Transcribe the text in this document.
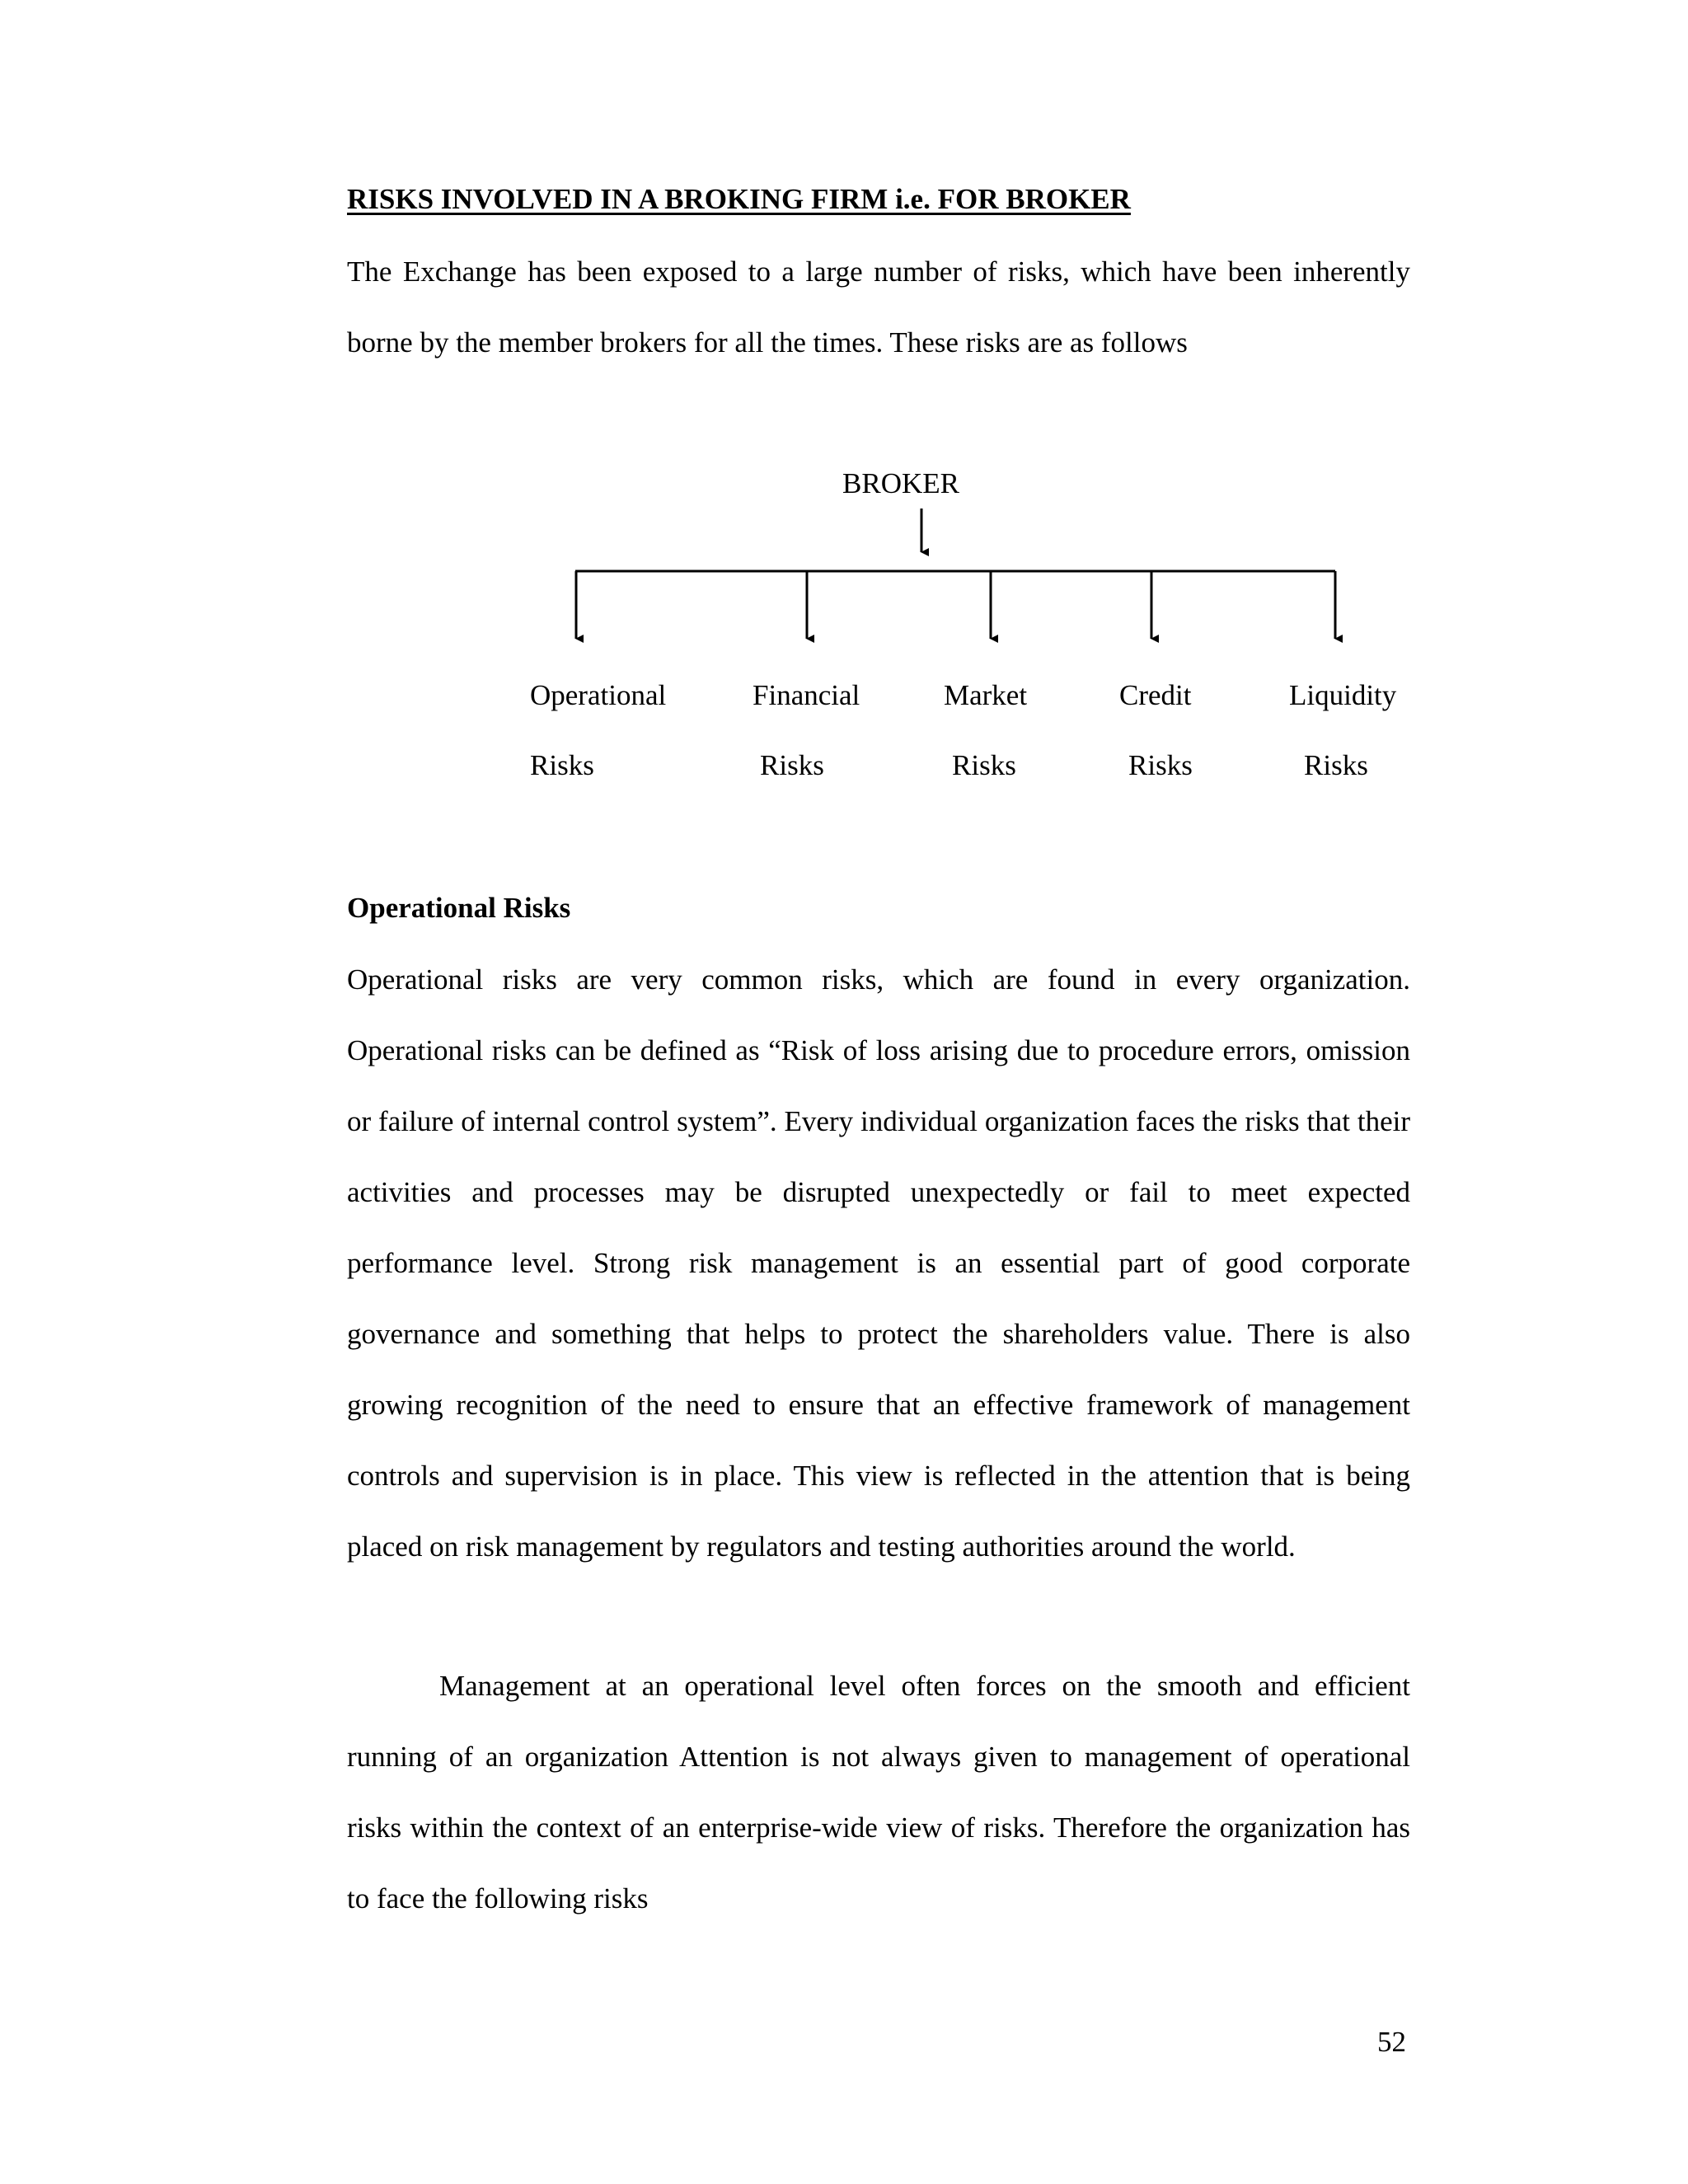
RISKS INVOLVED IN A BROKING FIRM i.e. FOR BROKER

The Exchange has been exposed to a large number of risks, which have been inherently borne by the member brokers for all the times. These risks are as follows

BROKER
Operational	Financial	Market	Credit	Liquidity
Risks	Risks	Risks	Risks	Risks
Operational Risks

Operational risks are very common risks, which are found in every organization. Operational risks can be defined as “Risk of loss arising due to procedure errors, omission or failure of internal control system”. Every individual organization faces the risks that their activities and processes may be disrupted unexpectedly or fail to meet expected performance level. Strong risk management is an essential part of good corporate governance and something that helps to protect the shareholders value. There is also growing recognition of the need to ensure that an effective framework of management controls and supervision is in place. This view is reflected in the attention that is being placed on risk management by regulators and testing authorities around the world.

Management at an operational level often forces on the smooth and efficient running of an organization Attention is not always given to management of operational risks within the context of an enterprise-wide view of risks. Therefore the organization has to face the following risks

52
